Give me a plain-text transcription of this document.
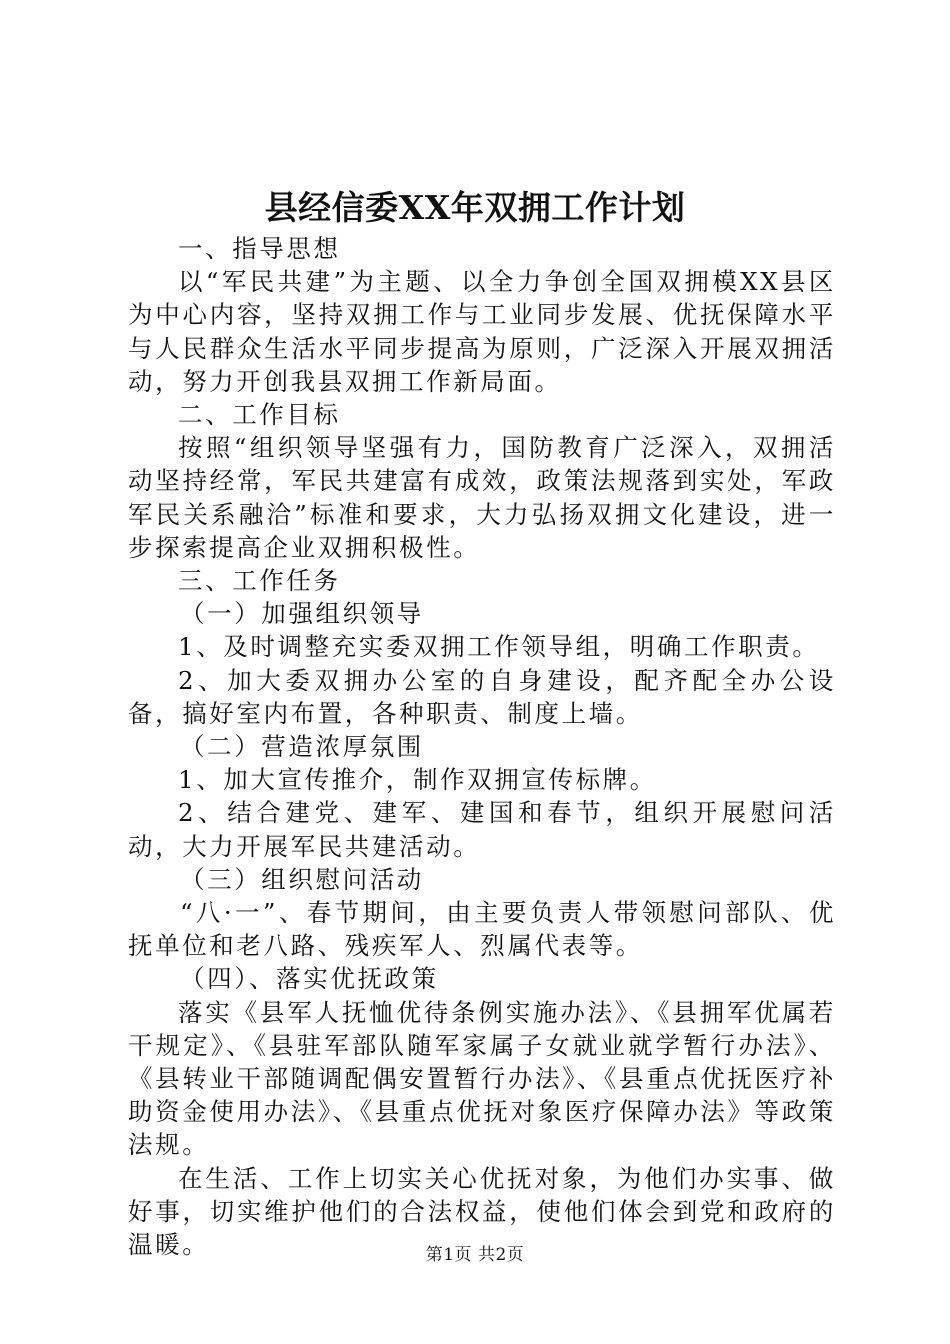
县经信委XX年双拥工作计划

一、指导思想

以“军民共建”为主题、以全力争创全国双拥模XX县区为中心内容，坚持双拥工作与工业同步发展、优抚保障水平与人民群众生活水平同步提高为原则，广泛深入开展双拥活动，努力开创我县双拥工作新局面。

二、工作目标

按照“组织领导坚强有力，国防教育广泛深入，双拥活动坚持经常，军民共建富有成效，政策法规落到实处，军政军民关系融洽”标准和要求，大力弘扬双拥文化建设，进一步探索提高企业双拥积极性。

三、工作任务

（一）加强组织领导

1、及时调整充实委双拥工作领导组，明确工作职责。

2、加大委双拥办公室的自身建设，配齐配全办公设备，搞好室内布置，各种职责、制度上墙。

（二）营造浓厚氛围

1、加大宣传推介，制作双拥宣传标牌。

2、结合建党、建军、建国和春节，组织开展慰问活动，大力开展军民共建活动。

（三）组织慰问活动

“八·一”、春节期间，由主要负责人带领慰问部队、优抚单位和老八路、残疾军人、烈属代表等。

（四）、落实优抚政策

落实《县军人抚恤优待条例实施办法》、《县拥军优属若干规定》、《县驻军部队随军家属子女就业就学暂行办法》、《县转业干部随调配偶安置暂行办法》、《县重点优抚医疗补助资金使用办法》、《县重点优抚对象医疗保障办法》等政策法规。

在生活、工作上切实关心优抚对象，为他们办实事、做好事，切实维护他们的合法权益，使他们体会到党和政府的温暖。	第1页 共2页
